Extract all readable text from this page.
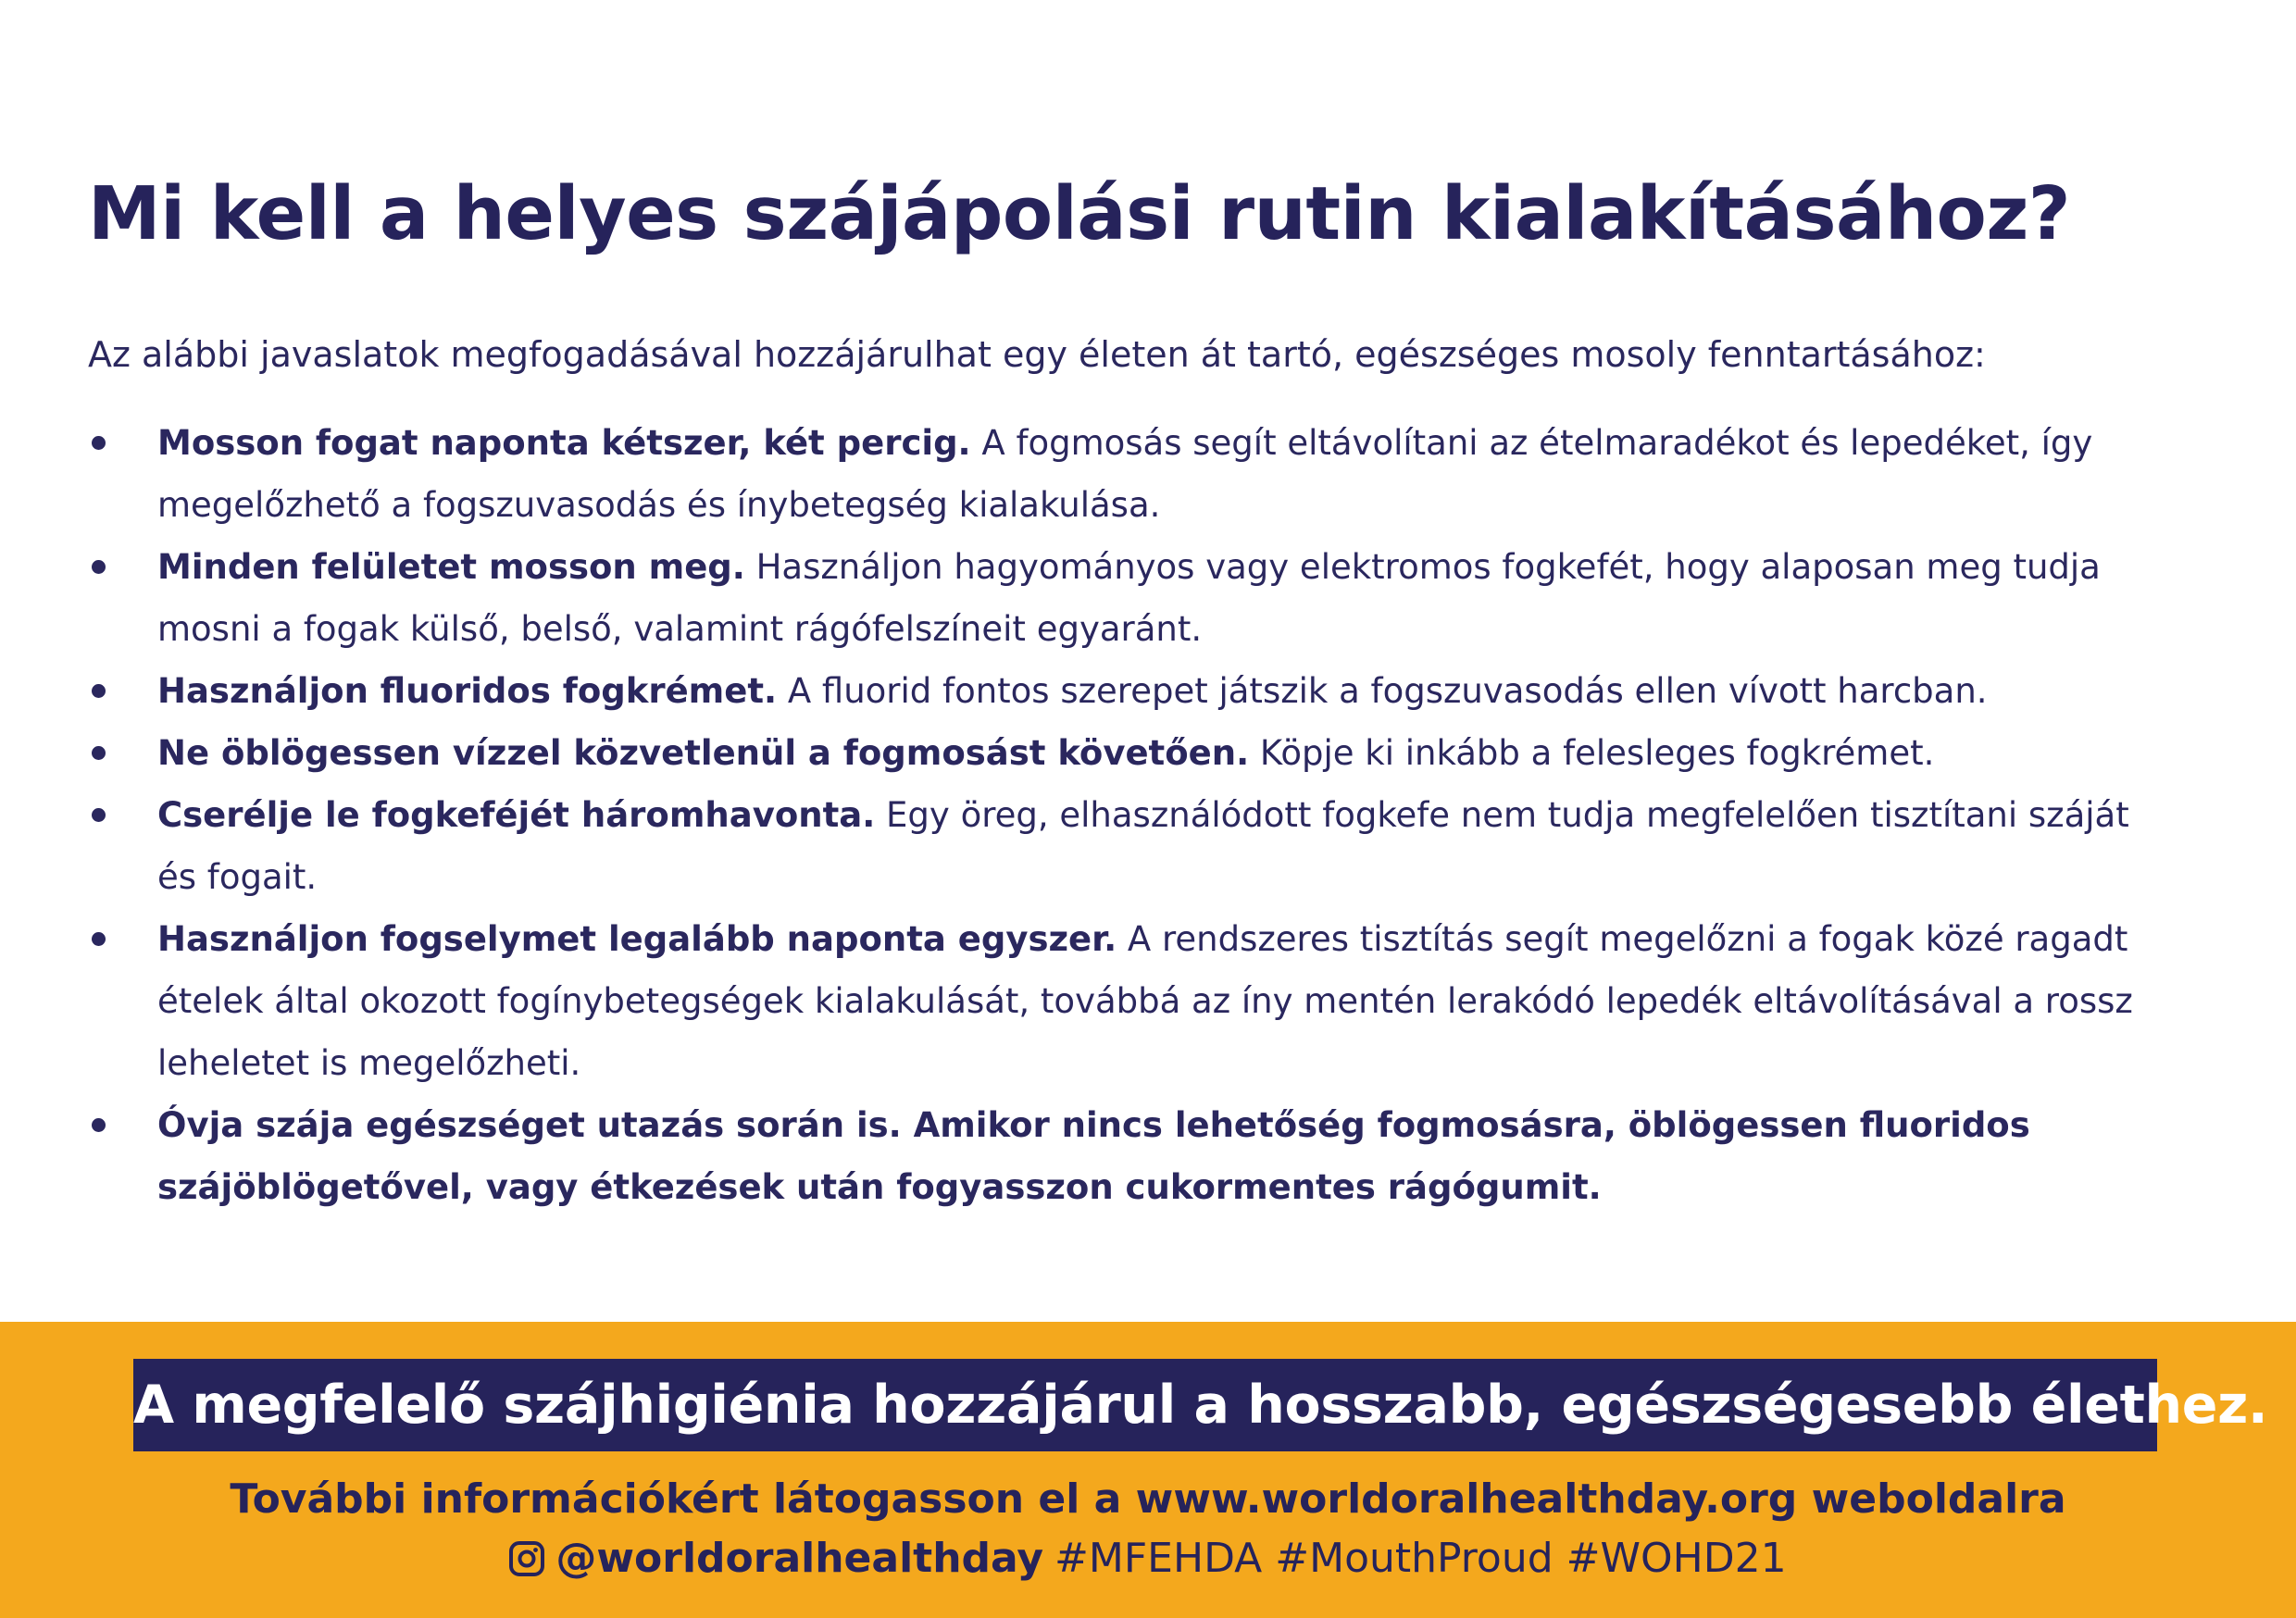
Mi kell a helyes szájápolási rutin kialakításához?

Az alábbi javaslatok megfogadásával hozzájárulhat egy életen át tartó, egészséges mosoly fenntartásához:

Mosson fogat naponta kétszer, két percig. A fogmosás segít eltávolítani az ételmaradékot és lepedéket, így megelőzhető a fogszuvasodás és ínybetegség kialakulása.
Minden felületet mosson meg. Használjon hagyományos vagy elektromos fogkefét, hogy alaposan meg tudja mosni a fogak külső, belső, valamint rágófelszíneit egyaránt.
Használjon fluoridos fogkrémet. A fluorid fontos szerepet játszik a fogszuvasodás ellen vívott harcban.
Ne öblögessen vízzel közvetlenül a fogmosást követően. Köpje ki inkább a felesleges fogkrémet.
Cserélje le fogkeféjét háromhavonta. Egy öreg, elhasználódott fogkefe nem tudja megfelelően tisztítani száját és fogait.
Használjon fogselymet legalább naponta egyszer. A rendszeres tisztítás segít megelőzni a fogak közé ragadt ételek által okozott fogínybetegségek kialakulását, továbbá az íny mentén lerakódó lepedék eltávolításával a rossz leheletet is megelőzheti.
Óvja szája egészséget utazás során is. Amikor nincs lehetőség fogmosásra, öblögessen fluoridos szájöblögetővel, vagy étkezések után fogyasszon cukormentes rágógumit.
A megfelelő szájhigiénia hozzájárul a hosszabb, egészségesebb élethez.
További információkért látogasson el a www.worldoralhealthday.org weboldalra
@worldoralhealthday #MFEHDA #MouthProud #WOHD21
